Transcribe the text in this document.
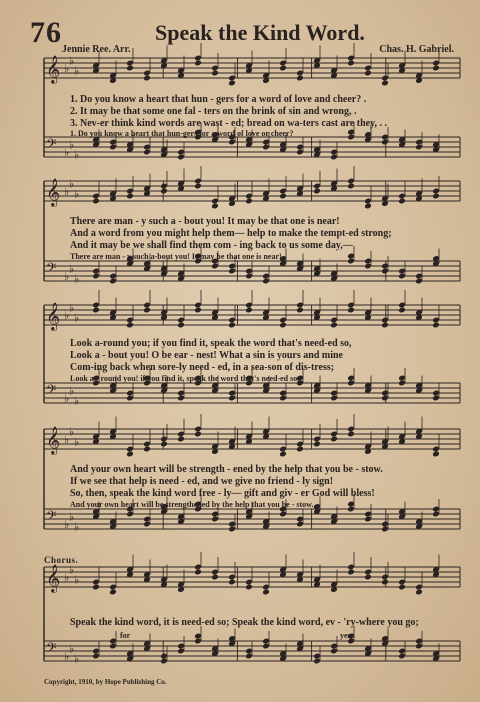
76	Speak the Kind Word.
Jennie Ree. Arr.	Chas. H. Gabriel.
𝄞 ♭
♭
♭
𝄢 ♭
♭
♭
𝄞 ♭
♭
♭
𝄢 ♭
♭
♭
𝄞 ♭
♭
♭
𝄢 ♭
♭
♭
𝄞 ♭
♭
♭
𝄢 ♭
♭
♭
𝄞 ♭
♭
♭
𝄢 ♭
♭
♭
1. Do you know a heart that hun - gers for a word of love and cheer? .
2. It may be that some one fal - ters on the brink of sin and wrong, .
3. Nev-er think kind words are wast - ed; bread on wa-ters cast are they, . .
1. Do you know a heart that hun-gers for a word of love or cheer?
There are man - y such a - bout you! It may be that one is near!
And a word from you might help them— help to make the tempt-ed strong;
And it may be we shall find them com - ing back to us some day,—
There are man - y such a-bout you! It may be that one is near!
Look a-round you; if you find it, speak the word that's need-ed so,
Look a - bout you! O be ear - nest! What a sin is yours and mine
Com-ing back when sore-ly need - ed, in a sea-son of dis-tress;
Look a - round you! if you find it, speak the word that's need-ed so,
And your own heart will be strength - ened by the help that you be - stow.
If we see that help is need - ed, and we give no friend - ly sign!
So, then, speak the kind word free - ly— gift and giv - er God will bless!
And your own heart will be strengthened by the help that you be - stow.
Speak the kind word, it is need-ed so; Speak the kind word, ev - 'ry-where you go;
for	yes,
Chorus.
Copyright, 1910, by Hope Publishing Co.
